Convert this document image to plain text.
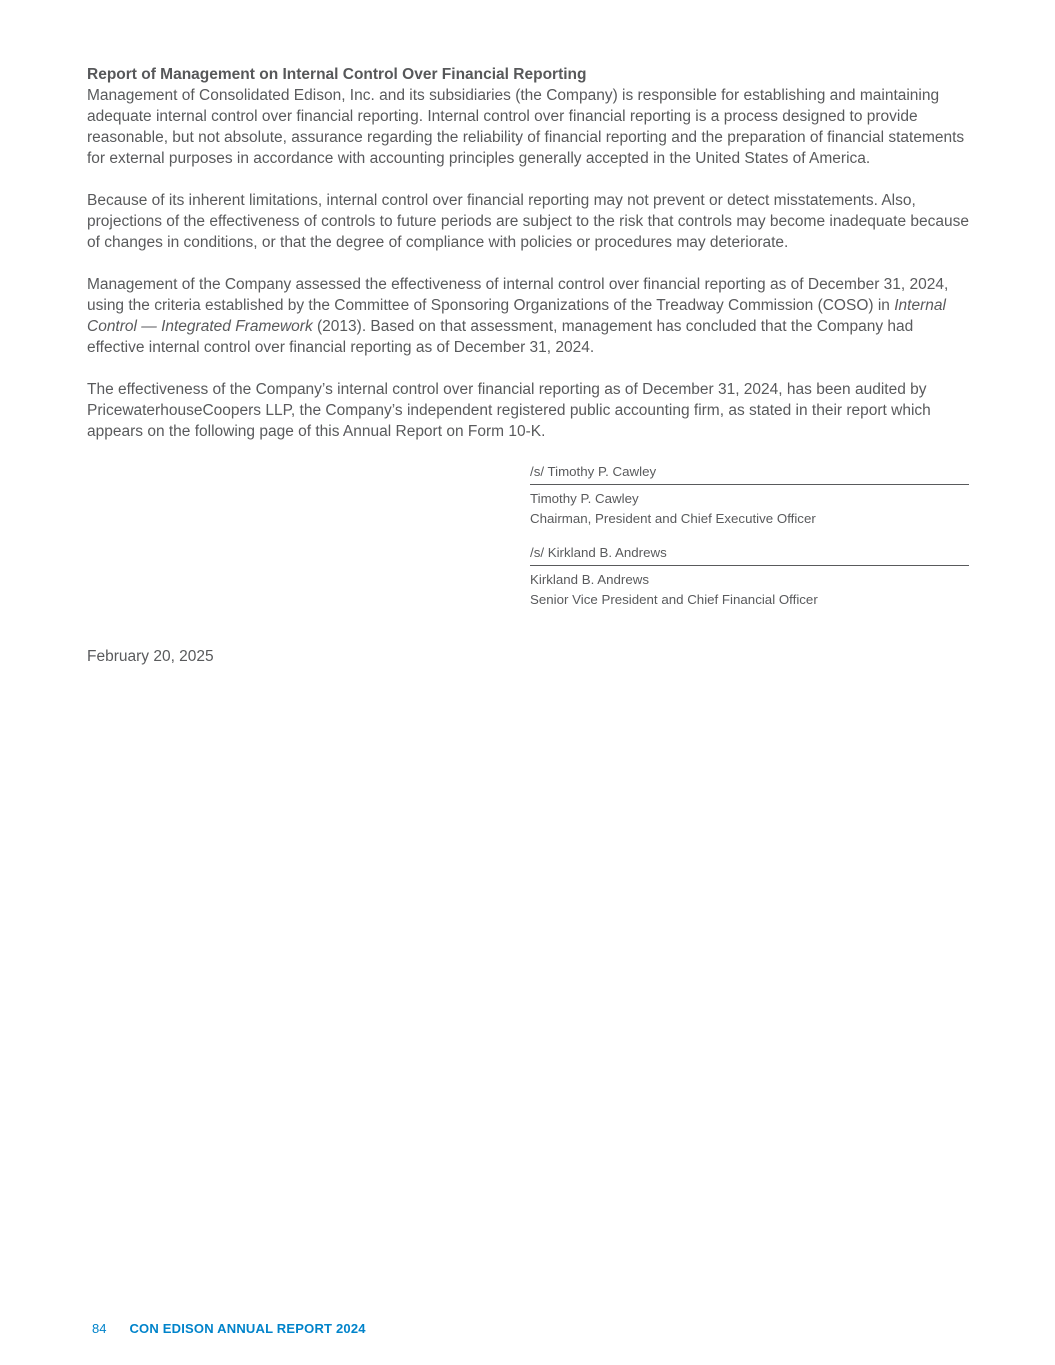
Report of Management on Internal Control Over Financial Reporting

Management of Consolidated Edison, Inc. and its subsidiaries (the Company) is responsible for establishing and maintaining adequate internal control over financial reporting. Internal control over financial reporting is a process designed to provide reasonable, but not absolute, assurance regarding the reliability of financial reporting and the preparation of financial statements for external purposes in accordance with accounting principles generally accepted in the United States of America.

Because of its inherent limitations, internal control over financial reporting may not prevent or detect misstatements. Also, projections of the effectiveness of controls to future periods are subject to the risk that controls may become inadequate because of changes in conditions, or that the degree of compliance with policies or procedures may deteriorate.

Management of the Company assessed the effectiveness of internal control over financial reporting as of December 31, 2024, using the criteria established by the Committee of Sponsoring Organizations of the Treadway Commission (COSO) in Internal Control — Integrated Framework (2013). Based on that assessment, management has concluded that the Company had effective internal control over financial reporting as of December 31, 2024.

The effectiveness of the Company’s internal control over financial reporting as of December 31, 2024, has been audited by PricewaterhouseCoopers LLP, the Company’s independent registered public accounting firm, as stated in their report which appears on the following page of this Annual Report on Form 10-K.

/s/ Timothy P. Cawley
Timothy P. Cawley
Chairman, President and Chief Executive Officer
/s/ Kirkland B. Andrews
Kirkland B. Andrews
Senior Vice President and Chief Financial Officer

February 20, 2025

84 CON EDISON ANNUAL REPORT 2024
